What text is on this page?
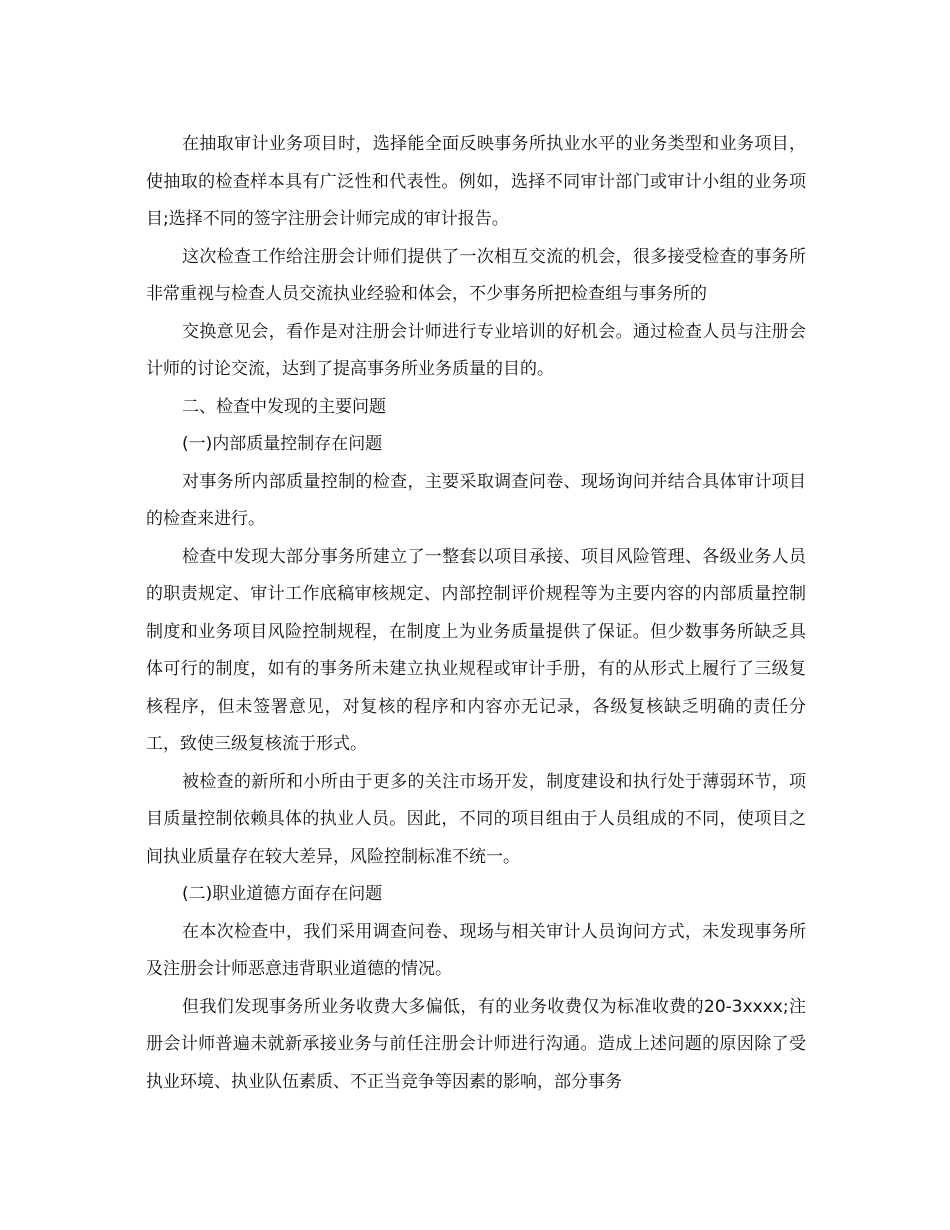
在抽取审计业务项目时，选择能全面反映事务所执业水平的业务类型和业务项目，使抽取的检查样本具有广泛性和代表性。例如，选择不同审计部门或审计小组的业务项目;选择不同的签字注册会计师完成的审计报告。

这次检查工作给注册会计师们提供了一次相互交流的机会，很多接受检查的事务所非常重视与检查人员交流执业经验和体会，不少事务所把检查组与事务所的

交换意见会，看作是对注册会计师进行专业培训的好机会。通过检查人员与注册会计师的讨论交流，达到了提高事务所业务质量的目的。

二、检查中发现的主要问题

(一)内部质量控制存在问题

对事务所内部质量控制的检查，主要采取调查问卷、现场询问并结合具体审计项目的检查来进行。

检查中发现大部分事务所建立了一整套以项目承接、项目风险管理、各级业务人员的职责规定、审计工作底稿审核规定、内部控制评价规程等为主要内容的内部质量控制制度和业务项目风险控制规程，在制度上为业务质量提供了保证。但少数事务所缺乏具体可行的制度，如有的事务所未建立执业规程或审计手册，有的从形式上履行了三级复核程序，但未签署意见，对复核的程序和内容亦无记录，各级复核缺乏明确的责任分工，致使三级复核流于形式。

被检查的新所和小所由于更多的关注市场开发，制度建设和执行处于薄弱环节，项目质量控制依赖具体的执业人员。因此，不同的项目组由于人员组成的不同，使项目之间执业质量存在较大差异，风险控制标准不统一。

(二)职业道德方面存在问题

在本次检查中，我们采用调查问卷、现场与相关审计人员询问方式，未发现事务所及注册会计师恶意违背职业道德的情况。

但我们发现事务所业务收费大多偏低，有的业务收费仅为标准收费的20-3xxxx;注册会计师普遍未就新承接业务与前任注册会计师进行沟通。造成上述问题的原因除了受执业环境、执业队伍素质、不正当竞争等因素的影响，部分事务
